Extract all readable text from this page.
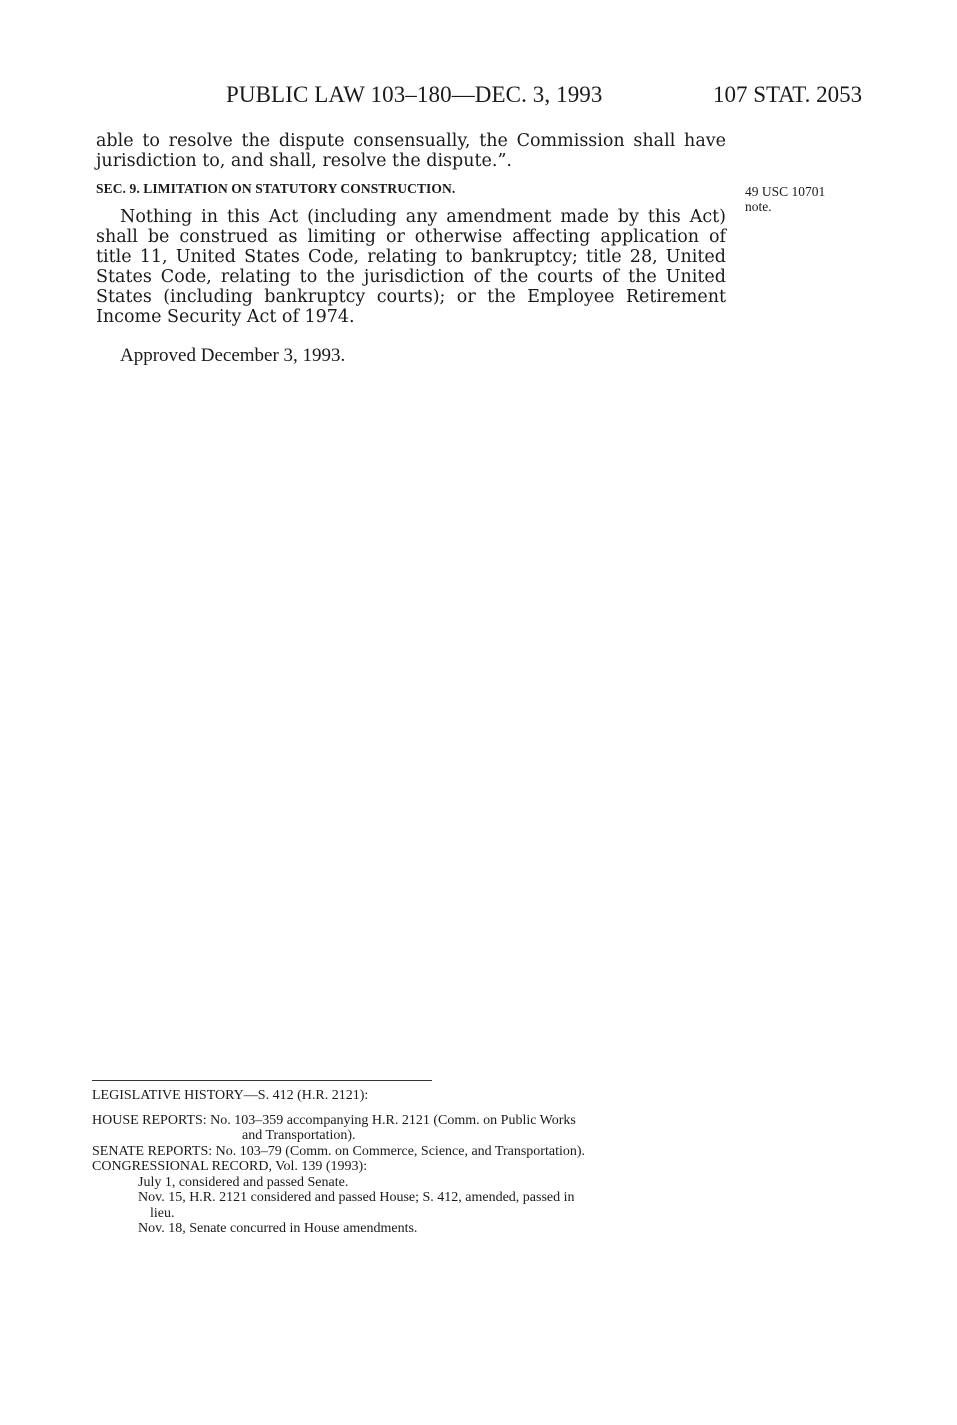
PUBLIC LAW 103–180—DEC. 3, 1993	107 STAT. 2053

able to resolve the dispute consensually, the Commission shall have jurisdiction to, and shall, resolve the dispute.”.

SEC. 9. LIMITATION ON STATUTORY CONSTRUCTION.	49 USC 10701
note.

Nothing in this Act (including any amendment made by this Act) shall be construed as limiting or otherwise affecting application of title 11, United States Code, relating to bankruptcy; title 28, United States Code, relating to the jurisdiction of the courts of the United States (including bankruptcy courts); or the Employee Retirement Income Security Act of 1974.

Approved December 3, 1993.

LEGISLATIVE HISTORY—S. 412 (H.R. 2121):

HOUSE REPORTS: No. 103–359 accompanying H.R. 2121 (Comm. on Public Works

and Transportation).

SENATE REPORTS: No. 103–79 (Comm. on Commerce, Science, and Transportation).

CONGRESSIONAL RECORD, Vol. 139 (1993):

July 1, considered and passed Senate.

Nov. 15, H.R. 2121 considered and passed House; S. 412, amended, passed in

lieu.

Nov. 18, Senate concurred in House amendments.
